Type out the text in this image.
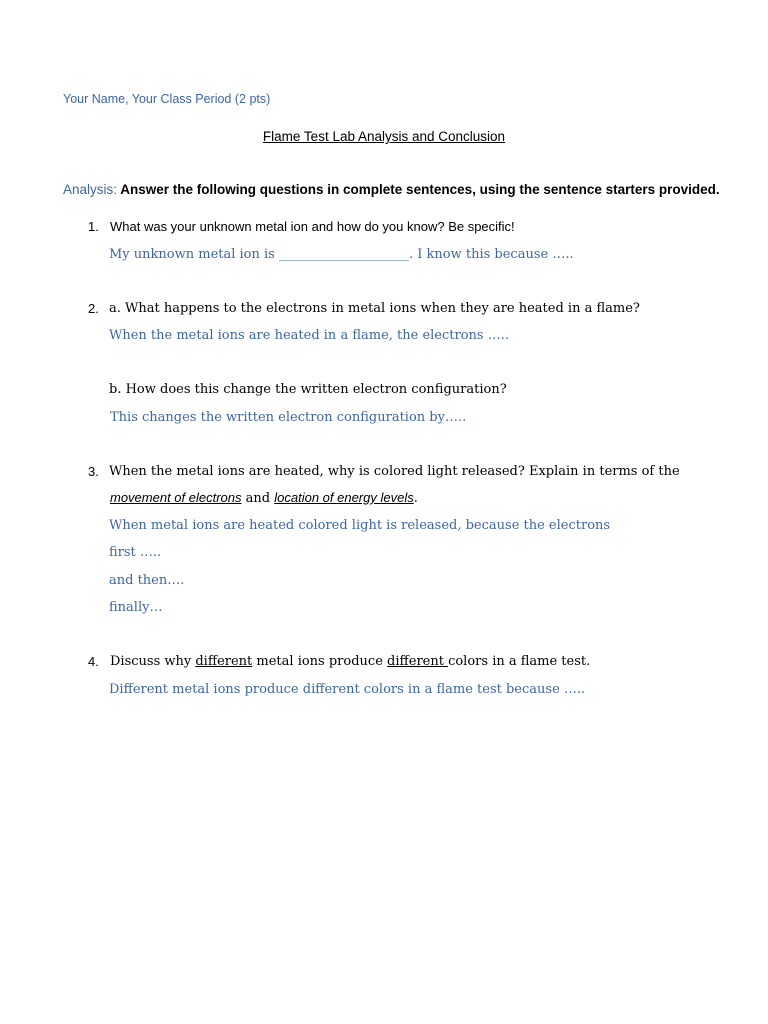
Your Name, Your Class Period (2 pts)
Flame Test Lab Analysis and Conclusion
Analysis: Answer the following questions in complete sentences, using the sentence starters provided.
1. What was your unknown metal ion and how do you know? Be specific!
My unknown metal ion is ____________________. I know this because …..
2. a. What happens to the electrons in metal ions when they are heated in a flame?
When the metal ions are heated in a flame, the electrons …..
b. How does this change the written electron configuration?
This changes the written electron configuration by…..
3. When the metal ions are heated, why is colored light released? Explain in terms of the
movement of electrons and location of energy levels.
When metal ions are heated colored light is released, because the electrons
first …..
and then….
finally…
4. Discuss why different metal ions produce different colors in a flame test.
Different metal ions produce different colors in a flame test because …..
